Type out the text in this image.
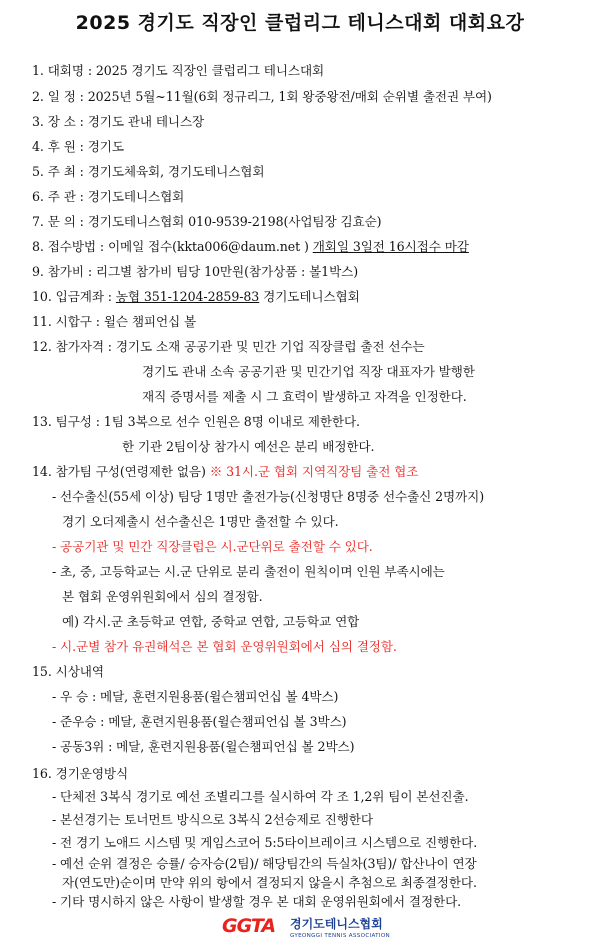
2025 경기도 직장인 클럽리그 테니스대회 대회요강
1. 대회명 : 2025 경기도 직장인 클럽리그 테니스대회
2. 일 정 : 2025년 5월~11월(6회 정규리그, 1회 왕중왕전/매회 순위별 출전권 부여)
3. 장 소 : 경기도 관내 테니스장
4. 후 원 : 경기도
5. 주 최 : 경기도체육회, 경기도테니스협회
6. 주 관 : 경기도테니스협회
7. 문 의 : 경기도테니스협회 010-9539-2198(사업팀장 김효순)
8. 접수방법 : 이메일 접수(kkta006@daum.net ) 개회일 3일전 16시접수 마감
9. 참가비 : 리그별 참가비 팀당 10만원(참가상품 : 볼1박스)
10. 입금계좌 : 농협 351-1204-2859-83 경기도테니스협회
11. 시합구 : 윌슨 챔피언십 볼
12. 참가자격 : 경기도 소재 공공기관 및 민간 기업 직장클럽 출전 선수는
경기도 관내 소속 공공기관 및 민간기업 직장 대표자가 발행한
재직 증명서를 제출 시 그 효력이 발생하고 자격을 인정한다.
13. 팀구성 : 1팀 3복으로 선수 인원은 8명 이내로 제한한다.
한 기관 2팀이상 참가시 예선은 분리 배정한다.
14. 참가팀 구성(연령제한 없음) ※ 31시.군 협회 지역직장팀 출전 협조
- 선수출신(55세 이상) 팀당 1명만 출전가능(신청명단 8명중 선수출신 2명까지)
경기 오더제출시 선수출신은 1명만 출전할 수 있다.
- 공공기관 및 민간 직장클럽은 시.군단위로 출전할 수 있다.
- 초, 중, 고등학교는 시.군 단위로 분리 출전이 원칙이며 인원 부족시에는
본 협회 운영위원회에서 심의 결정함.
예) 각시.군 초등학교 연합, 중학교 연합, 고등학교 연합
- 시.군별 참가 유권해석은 본 협회 운영위원회에서 심의 결정함.
15. 시상내역
- 우 승 : 메달, 훈련지원용품(윌슨챔피언십 볼 4박스)
- 준우승 : 메달, 훈련지원용품(윌슨챔피언십 볼 3박스)
- 공동3위 : 메달, 훈련지원용품(윌슨챔피언십 볼 2박스)
16. 경기운영방식
- 단체전 3복식 경기로 예선 조별리그를 실시하여 각 조 1,2위 팀이 본선진출.
- 본선경기는 토너먼트 방식으로 3복식 2선승제로 진행한다
- 전 경기 노애드 시스템 및 게임스코어 5:5타이브레이크 시스템으로 진행한다.
- 예선 순위 결정은 승률/ 승자승(2팀)/ 해당팀간의 득실차(3팀)/ 합산나이 연장
자(연도만)순이며 만약 위의 항에서 결정되지 않을시 추첨으로 최종결정한다.
GGTA 경기도테니스협회
GYEONGGI TENNIS ASSOCIATION
- 기타 명시하지 않은 사항이 발생할 경우 본 대회 운영위원회에서 결정한다.
